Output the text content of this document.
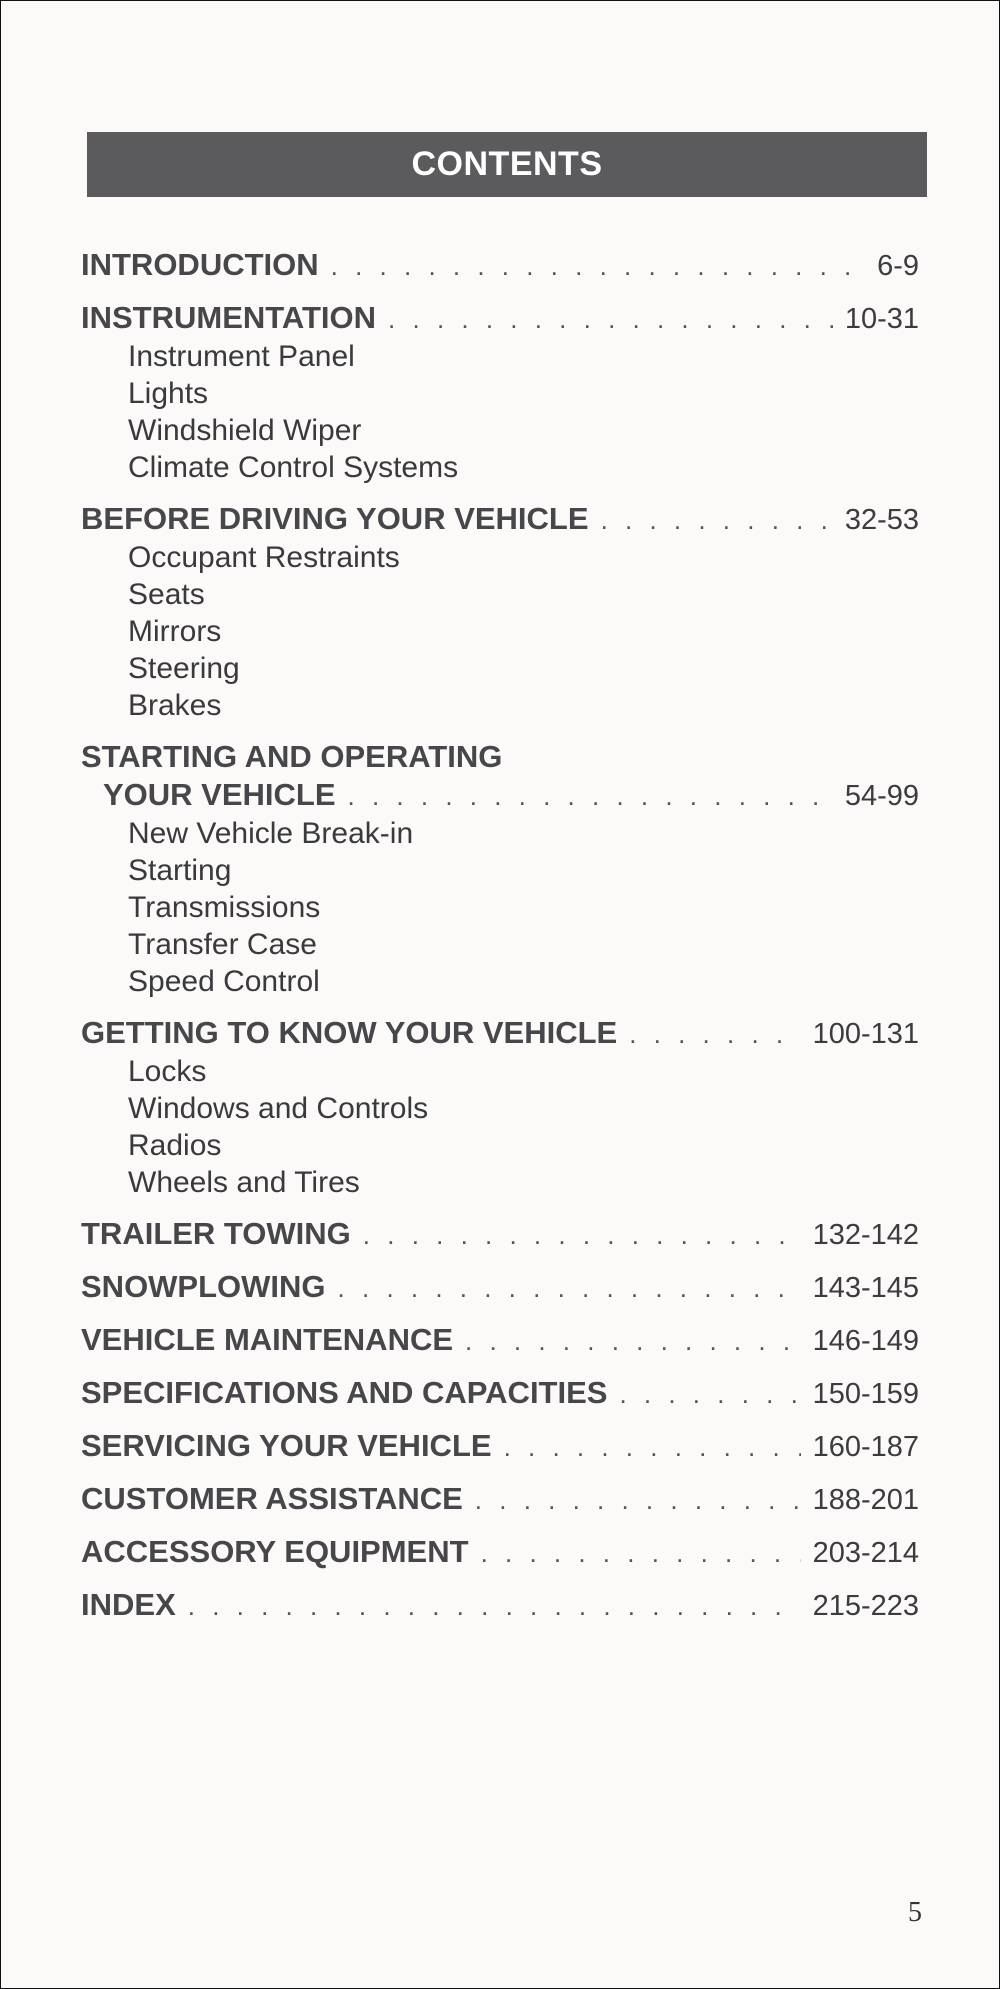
CONTENTS
INTRODUCTION . . .	6-9
INSTRUMENTATION . . .	10-31
Instrument Panel
Lights
Windshield Wiper
Climate Control Systems
BEFORE DRIVING YOUR VEHICLE . . .	32-53
Occupant Restraints
Seats
Mirrors
Steering
Brakes
STARTING AND OPERATING
YOUR VEHICLE . . .	54-99
New Vehicle Break-in
Starting
Transmissions
Transfer Case
Speed Control
GETTING TO KNOW YOUR VEHICLE . . .	100-131
Locks
Windows and Controls
Radios
Wheels and Tires
TRAILER TOWING . . .	132-142
SNOWPLOWING . . .	143-145
VEHICLE MAINTENANCE . . .	146-149
SPECIFICATIONS AND CAPACITIES . . .	150-159
SERVICING YOUR VEHICLE . . .	160-187
CUSTOMER ASSISTANCE . . .	188-201
ACCESSORY EQUIPMENT . . .	203-214
INDEX . . .	215-223
5
